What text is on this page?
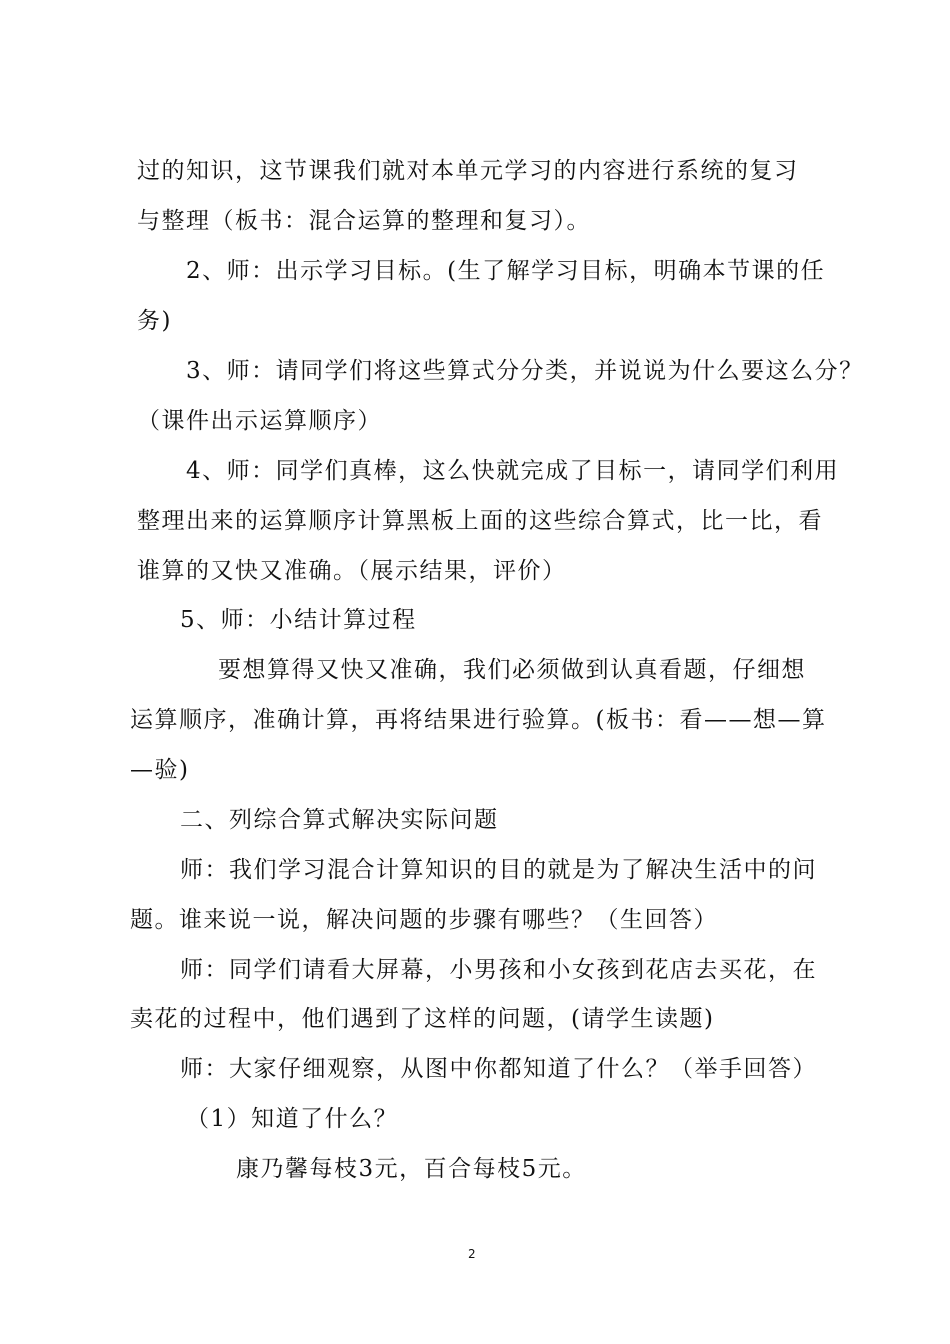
过的知识，这节课我们就对本单元学习的内容进行系统的复习
与整理（板书：混合运算的整理和复习）。
2、师：出示学习目标。(生了解学习目标，明确本节课的任
务)
3、师：请同学们将这些算式分分类，并说说为什么要这么分？
（课件出示运算顺序）
4、师：同学们真棒，这么快就完成了目标一，请同学们利用
整理出来的运算顺序计算黑板上面的这些综合算式，比一比，看
谁算的又快又准确。（展示结果，评价）
5、师：小结计算过程
要想算得又快又准确，我们必须做到认真看题，仔细想
运算顺序，准确计算，再将结果进行验算。(板书：看——想—算
—验)
二、列综合算式解决实际问题
师：我们学习混合计算知识的目的就是为了解决生活中的问
题。谁来说一说，解决问题的步骤有哪些？（生回答）
师：同学们请看大屏幕，小男孩和小女孩到花店去买花，在
卖花的过程中，他们遇到了这样的问题，(请学生读题)
师：大家仔细观察，从图中你都知道了什么？（举手回答）
（1）知道了什么？
康乃馨每枝3元，百合每枝5元。
2
